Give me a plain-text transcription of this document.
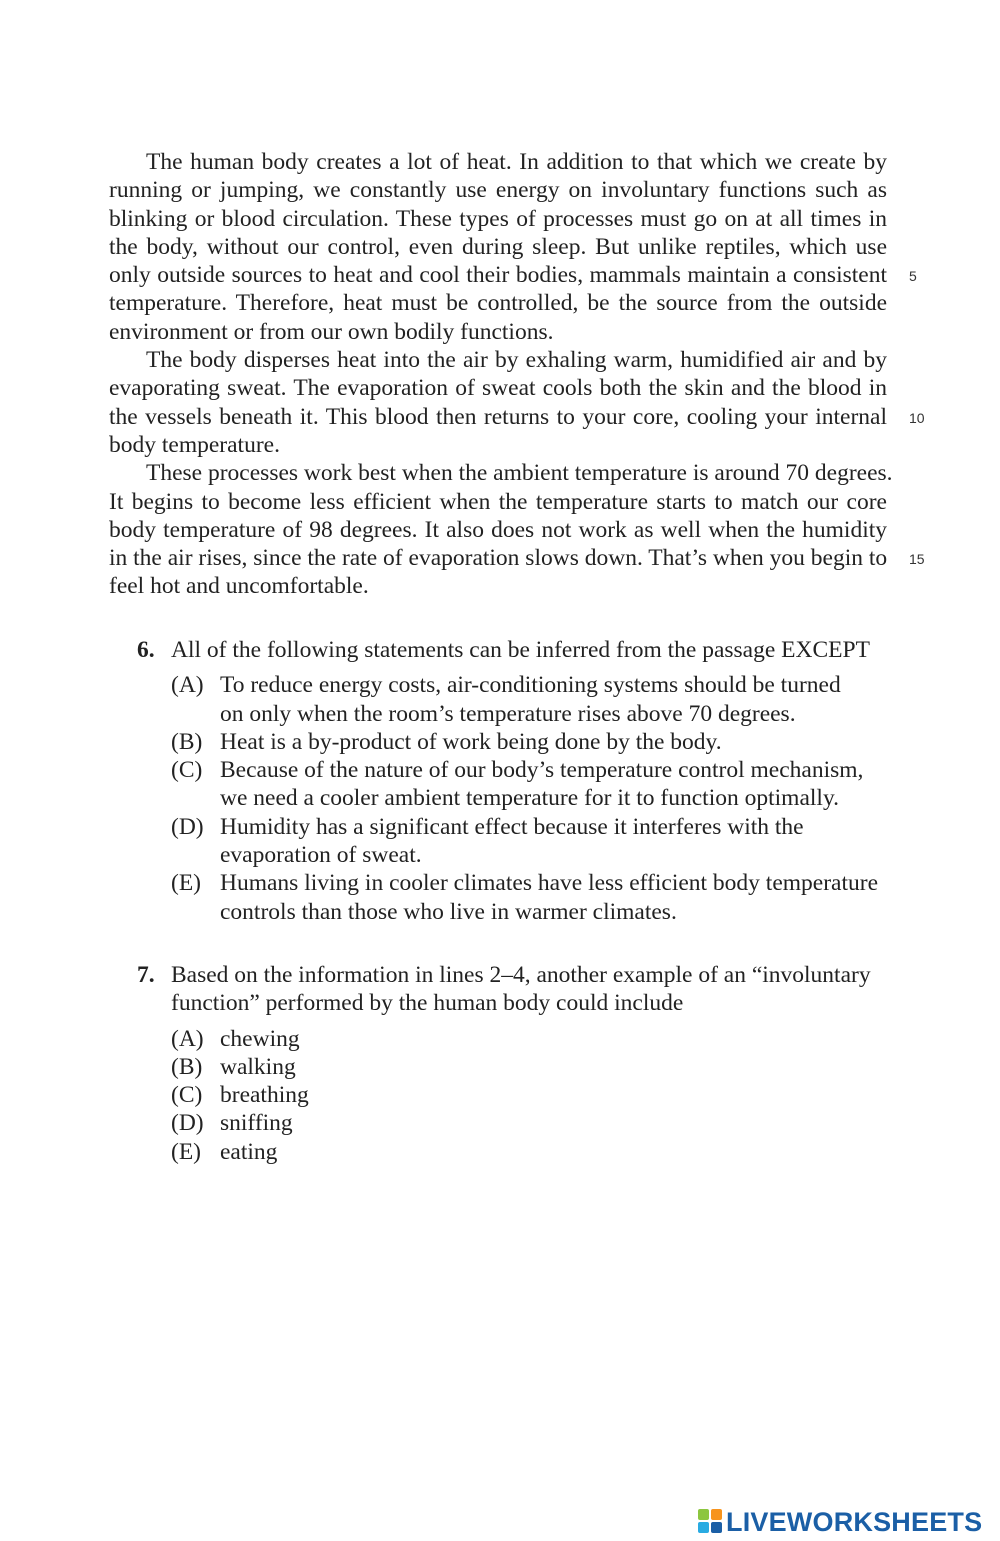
The human body creates a lot of heat. In addition to that which we create by
running or jumping, we constantly use energy on involuntary functions such as
blinking or blood circulation. These types of processes must go on at all times in
the body, without our control, even during sleep. But unlike reptiles, which use
only outside sources to heat and cool their bodies, mammals maintain a consistent 5
temperature. Therefore, heat must be controlled, be the source from the outside
environment or from our own bodily functions.
The body disperses heat into the air by exhaling warm, humidified air and by
evaporating sweat. The evaporation of sweat cools both the skin and the blood in
the vessels beneath it. This blood then returns to your core, cooling your internal 10
body temperature.
These processes work best when the ambient temperature is around 70 degrees.
It begins to become less efficient when the temperature starts to match our core
body temperature of 98 degrees. It also does not work as well when the humidity
in the air rises, since the rate of evaporation slows down. That’s when you begin to 15
feel hot and uncomfortable.
6. All of the following statements can be inferred from the passage EXCEPT
(A) To reduce energy costs, air-conditioning systems should be turned
on only when the room’s temperature rises above 70 degrees.
(B) Heat is a by-product of work being done by the body.
(C) Because of the nature of our body’s temperature control mechanism,
we need a cooler ambient temperature for it to function optimally.
(D) Humidity has a significant effect because it interferes with the
evaporation of sweat.
(E) Humans living in cooler climates have less efficient body temperature
controls than those who live in warmer climates.
7. Based on the information in lines 2–4, another example of an “involuntary
function” performed by the human body could include
(A) chewing
(B) walking
(C) breathing
(D) sniffing
(E) eating
LIVEWORKSHEETS
